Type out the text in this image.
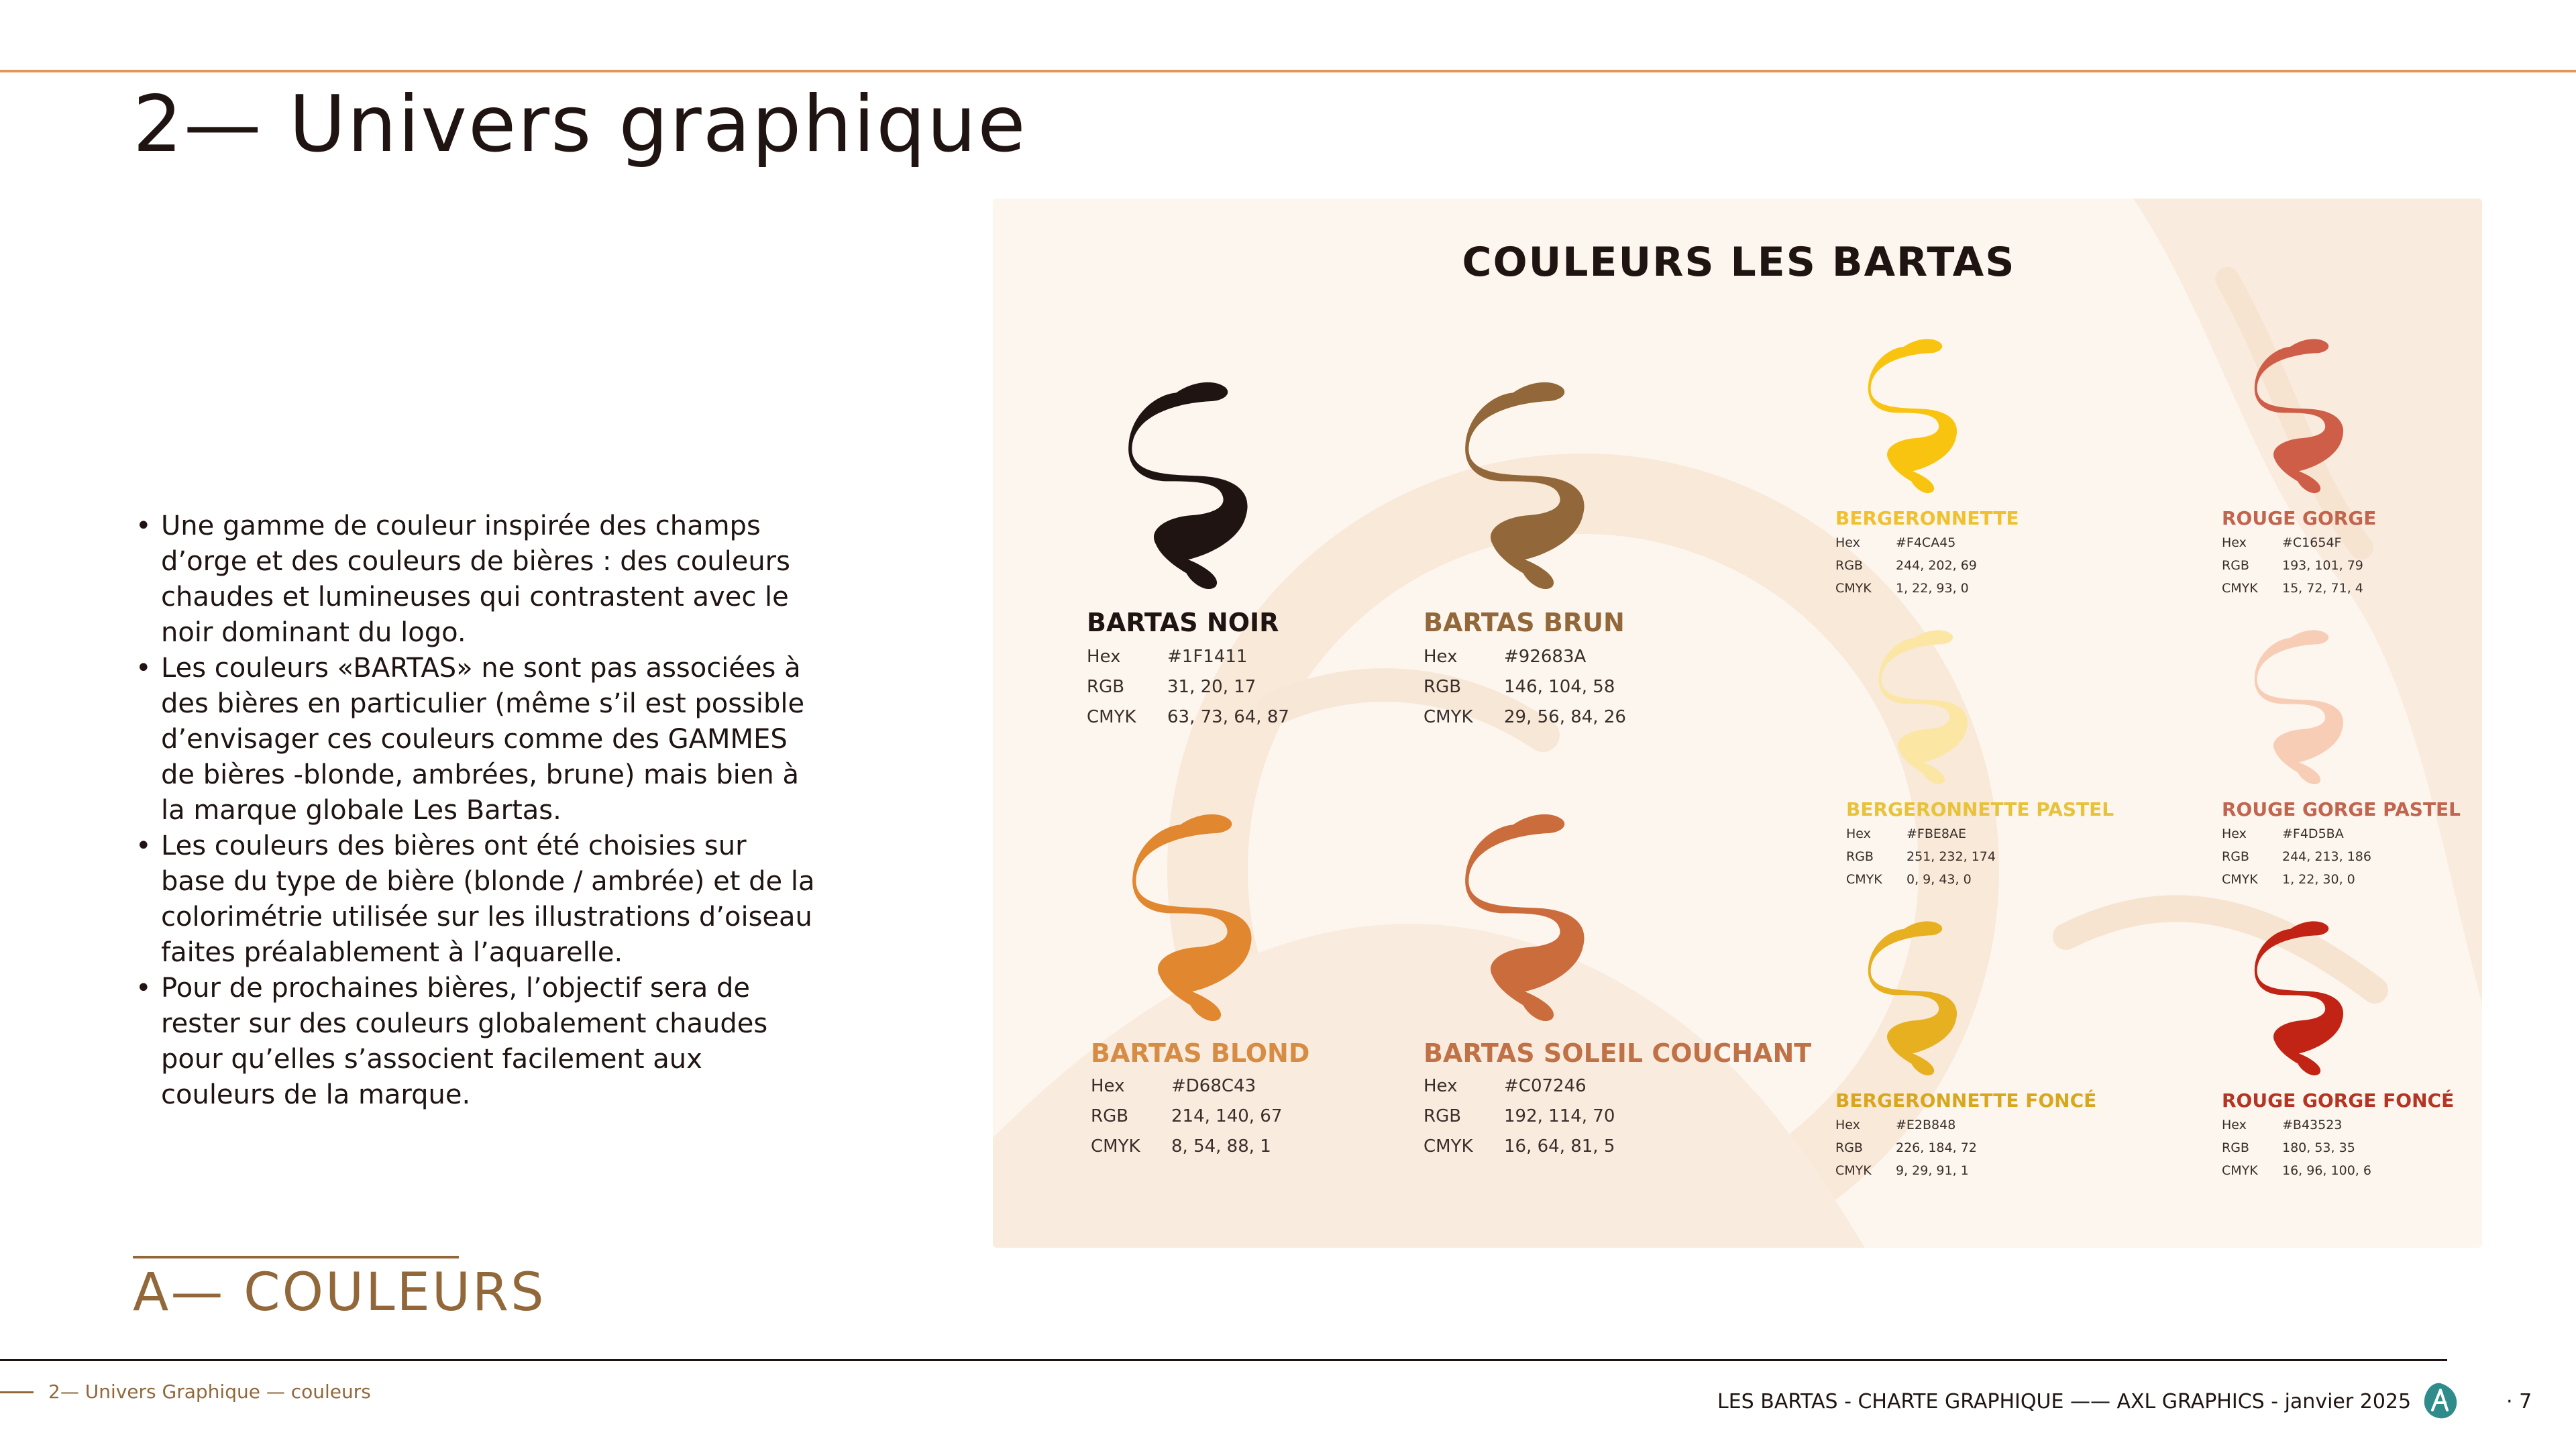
2— Univers graphique
• Une gamme de couleur inspirée des champs d’orge et des couleurs de bières : des couleurs chaudes et lumineuses qui contrastent avec le noir dominant du logo.
• Les couleurs «BARTAS» ne sont pas associées à des bières en particulier (même s’il est possible d’envisager ces couleurs comme des GAMMES de bières -blonde, ambrées, brune) mais bien à la marque globale Les Bartas.
• Les couleurs des bières ont été choisies sur base du type de bière (blonde / ambrée) et de la colorimétrie utilisée sur les illustrations d’oiseau faites préalablement à l’aquarelle.
• Pour de prochaines bières, l’objectif sera de rester sur des couleurs globalement chaudes pour qu’elles s’associent facilement aux couleurs de la marque.
A— COULEURS
COULEURS LES BARTAS
BARTAS NOIR
Hex	#1F1411
RGB 31, 20, 17
CMYK 63, 73, 64, 87
BARTAS BRUN
Hex	#92683A
RGB 146, 104, 58
CMYK 29, 56, 84, 26
BARTAS BLOND
Hex	#D68C43
RGB 214, 140, 67
CMYK 8, 54, 88, 1
BARTAS SOLEIL COUCHANT
Hex	#C07246
RGB 192, 114, 70
CMYK 16, 64, 81, 5
BERGERONNETTE
Hex	#F4CA45
RGB	244, 202, 69
CMYK 1, 22, 93, 0
ROUGE GORGE
Hex	#C1654F
RGB	193, 101, 79
CMYK 15, 72, 71, 4
BERGERONNETTE PASTEL
Hex	#FBE8AE
RGB	251, 232, 174
CMYK 0, 9, 43, 0
ROUGE GORGE PASTEL
Hex	#F4D5BA
RGB	244, 213, 186
CMYK 1, 22, 30, 0
BERGERONNETTE FONCÉ
Hex	#E2B848
RGB	226, 184, 72
CMYK 9, 29, 91, 1
ROUGE GORGE FONCÉ
Hex	#B43523
RGB	180, 53, 35
CMYK 16, 96, 100, 6
2— Univers Graphique — couleurs	LES BARTAS - CHARTE GRAPHIQUE —— AXL GRAPHICS - janvier 2025	· 7
